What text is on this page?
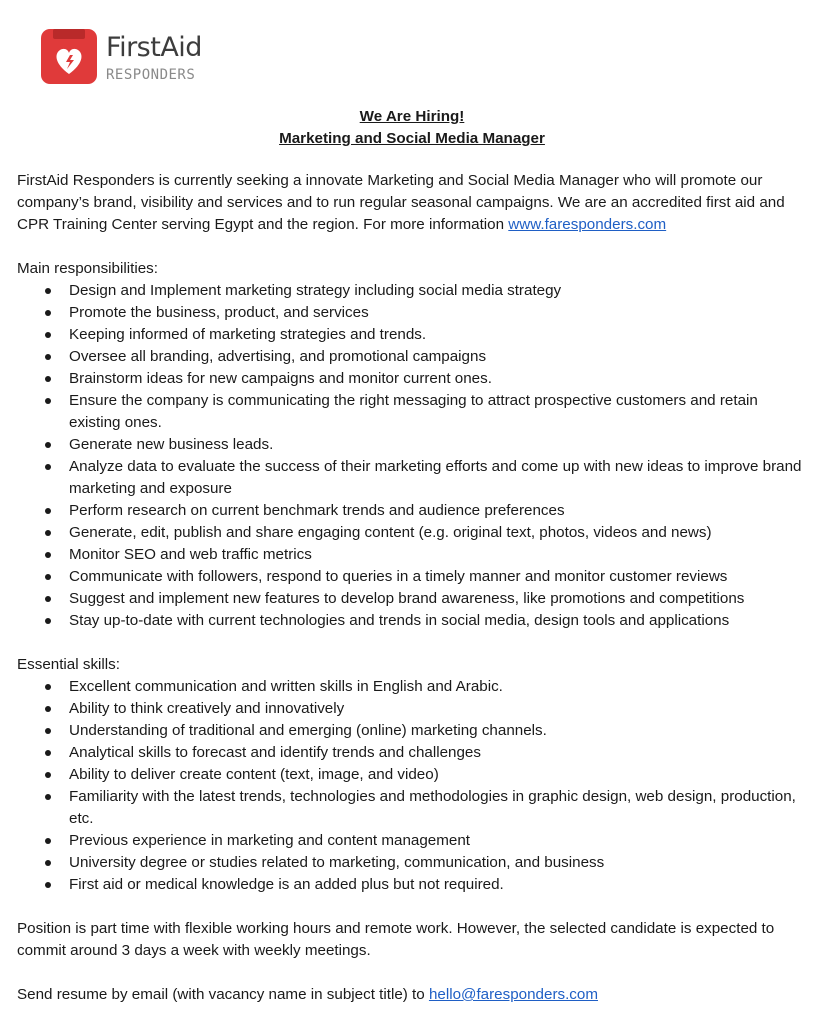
FirstAid
RESPONDERS
We Are Hiring!
Marketing and Social Media Manager

FirstAid Responders is currently seeking a innovate Marketing and Social Media Manager who will promote our company’s brand, visibility and services and to run regular seasonal campaigns. We are an accredited first aid and CPR Training Center serving Egypt and the region. For more information www.faresponders.com

Main responsibilities:

Design and Implement marketing strategy including social media strategy
Promote the business, product, and services
Keeping informed of marketing strategies and trends.
Oversee all branding, advertising, and promotional campaigns
Brainstorm ideas for new campaigns and monitor current ones.
Ensure the company is communicating the right messaging to attract prospective customers and retain existing ones.
Generate new business leads.
Analyze data to evaluate the success of their marketing efforts and come up with new ideas to improve brand marketing and exposure
Perform research on current benchmark trends and audience preferences
Generate, edit, publish and share engaging content (e.g. original text, photos, videos and news)
Monitor SEO and web traffic metrics
Communicate with followers, respond to queries in a timely manner and monitor customer reviews
Suggest and implement new features to develop brand awareness, like promotions and competitions
Stay up-to-date with current technologies and trends in social media, design tools and applications

Essential skills:

Excellent communication and written skills in English and Arabic.
Ability to think creatively and innovatively
Understanding of traditional and emerging (online) marketing channels.
Analytical skills to forecast and identify trends and challenges
Ability to deliver create content (text, image, and video)
Familiarity with the latest trends, technologies and methodologies in graphic design, web design, production, etc.
Previous experience in marketing and content management
University degree or studies related to marketing, communication, and business
First aid or medical knowledge is an added plus but not required.

Position is part time with flexible working hours and remote work. However, the selected candidate is expected to commit around 3 days a week with weekly meetings.

Send resume by email (with vacancy name in subject title) to hello@faresponders.com
